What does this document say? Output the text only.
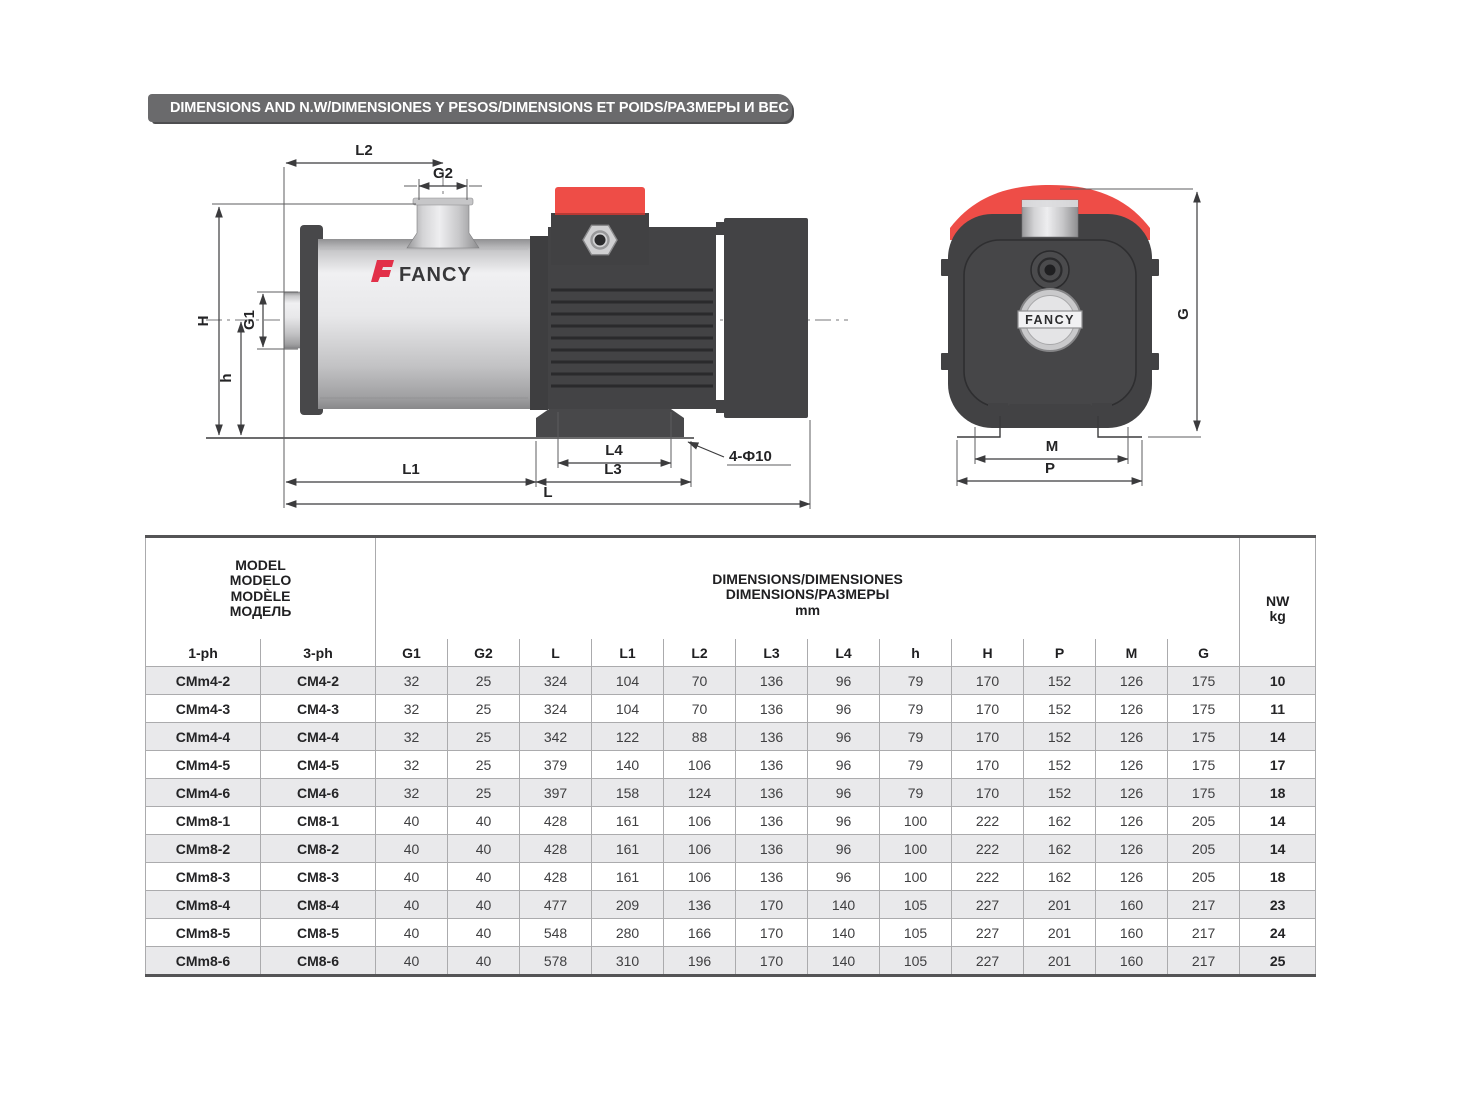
DIMENSIONS AND N.W/DIMENSIONES Y PESOS/DIMENSIONS ET POIDS/РАЗМЕРЫ И ВЕС
FANCY
H
h
G1
L2
G2
L1	L3
L4
L
4-Ф10
FANCY	G
M
P
MODEL
MODELO
MODÈLE
МОДЕЛЬ

DIMENSIONS/DIMENSIONES
DIMENSIONS/РАЗМЕРЫ
mm

NW
kg

1-ph	3-ph	G1	G2	L	L1	L2	L3	L4	h	H	P	M	G	
CMm4-2	CM4-2	32	25	324	104	70	136	96	79	170	152	126	175	10
CMm4-3	CM4-3	32	25	324	104	70	136	96	79	170	152	126	175	11
CMm4-4	CM4-4	32	25	342	122	88	136	96	79	170	152	126	175	14
CMm4-5	CM4-5	32	25	379	140	106	136	96	79	170	152	126	175	17
CMm4-6	CM4-6	32	25	397	158	124	136	96	79	170	152	126	175	18
CMm8-1	CM8-1	40	40	428	161	106	136	96	100	222	162	126	205	14
CMm8-2	CM8-2	40	40	428	161	106	136	96	100	222	162	126	205	14
CMm8-3	CM8-3	40	40	428	161	106	136	96	100	222	162	126	205	18
CMm8-4	CM8-4	40	40	477	209	136	170	140	105	227	201	160	217	23
CMm8-5	CM8-5	40	40	548	280	166	170	140	105	227	201	160	217	24
CMm8-6	CM8-6	40	40	578	310	196	170	140	105	227	201	160	217	25
